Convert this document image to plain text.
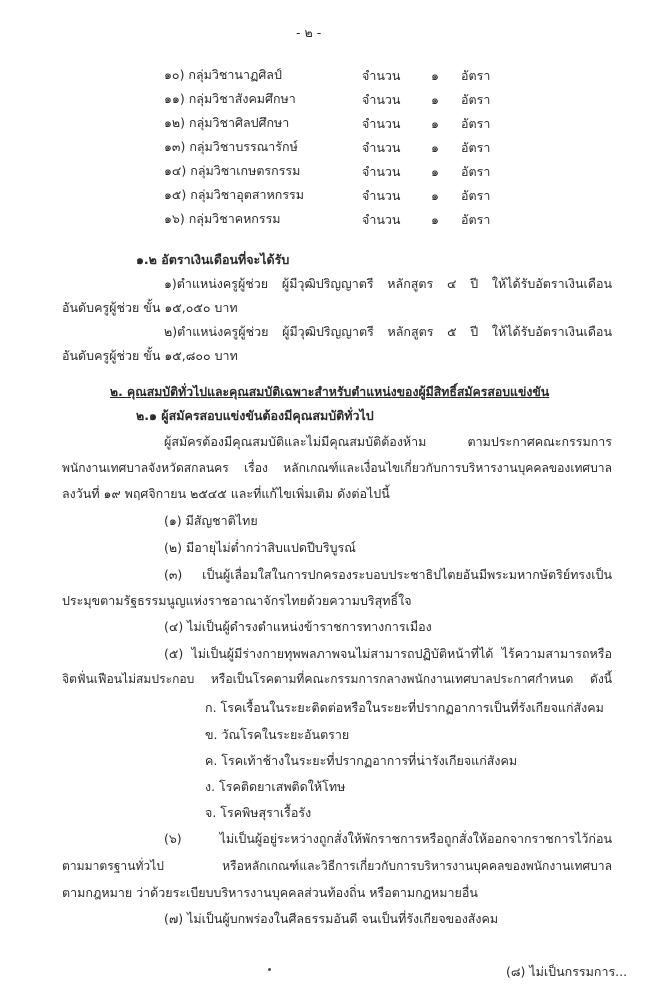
- ๒ -
๑๐) กลุ่มวิชานาฏศิลป์	จำนวน ๑ อัตรา
๑๑) กลุ่มวิชาสังคมศึกษา	จำนวน ๑ อัตรา
๑๒) กลุ่มวิชาศิลปศึกษา	จำนวน ๑ อัตรา
๑๓) กลุ่มวิชาบรรณารักษ์	จำนวน ๑ อัตรา
๑๔) กลุ่มวิชาเกษตรกรรม	จำนวน ๑ อัตรา
๑๕) กลุ่มวิชาอุตสาหกรรม	จำนวน ๑ อัตรา
๑๖) กลุ่มวิชาคหกรรม	จำนวน ๑ อัตรา
๑.๒ อัตราเงินเดือนที่จะได้รับ
๑)ตำแหน่งครูผู้ช่วย ผู้มีวุฒิปริญญาตรี หลักสูตร ๔ ปี ให้ได้รับอัตราเงินเดือน
อันดับครูผู้ช่วย ขั้น ๑๕,๐๕๐ บาท
๒)ตำแหน่งครูผู้ช่วย ผู้มีวุฒิปริญญาตรี หลักสูตร ๕ ปี ให้ได้รับอัตราเงินเดือน
อันดับครูผู้ช่วย ขั้น ๑๕,๘๐๐ บาท
๒. คุณสมบัติทั่วไปและคุณสมบัติเฉพาะสำหรับตำแหน่งของผู้มีสิทธิ์สมัครสอบแข่งขัน
๒.๑ ผู้สมัครสอบแข่งขันต้องมีคุณสมบัติทั่วไป
ผู้สมัครต้องมีคุณสมบัติและไม่มีคุณสมบัติต้องห้าม ตามประกาศคณะกรรมการ
พนักงานเทศบาลจังหวัดสกลนคร เรื่อง หลักเกณฑ์และเงื่อนไขเกี่ยวกับการบริหารงานบุคคลของเทศบาล
ลงวันที่ ๑๙ พฤศจิกายน ๒๕๔๕ และที่แก้ไขเพิ่มเติม ดังต่อไปนี้
(๑) มีสัญชาติไทย
(๒) มีอายุไม่ต่ำกว่าสิบแปดปีบริบูรณ์
(๓) เป็นผู้เลื่อมใสในการปกครองระบอบประชาธิปไตยอันมีพระมหากษัตริย์ทรงเป็น
ประมุขตามรัฐธรรมนูญแห่งราชอาณาจักรไทยด้วยความบริสุทธิ์ใจ
(๔) ไม่เป็นผู้ดำรงตำแหน่งข้าราชการทางการเมือง
(๕) ไม่เป็นผู้มีร่างกายทุพพลภาพจนไม่สามารถปฏิบัติหน้าที่ได้ ไร้ความสามารถหรือ
จิตฟั่นเฟือนไม่สมประกอบ หรือเป็นโรคตามที่คณะกรรมการกลางพนักงานเทศบาลประกาศกำหนด ดังนี้
ก. โรคเรื้อนในระยะติดต่อหรือในระยะที่ปรากฏอาการเป็นที่รังเกียจแก่สังคม
ข. วัณโรคในระยะอันตราย
ค. โรคเท้าช้างในระยะที่ปรากฏอาการที่น่ารังเกียจแก่สังคม
ง. โรคติดยาเสพติดให้โทษ
จ. โรคพิษสุราเรื้อรัง
(๖) ไม่เป็นผู้อยู่ระหว่างถูกสั่งให้พักราชการหรือถูกสั่งให้ออกจากราชการไว้ก่อน
ตามมาตรฐานทั่วไป หรือหลักเกณฑ์และวิธีการเกี่ยวกับการบริหารงานบุคคลของพนักงานเทศบาล
ตามกฎหมาย ว่าด้วยระเบียบบริหารงานบุคคลส่วนท้องถิ่น หรือตามกฎหมายอื่น
(๗) ไม่เป็นผู้บกพร่องในศีลธรรมอันดี จนเป็นที่รังเกียจของสังคม
(๘) ไม่เป็นกรรมการ...
